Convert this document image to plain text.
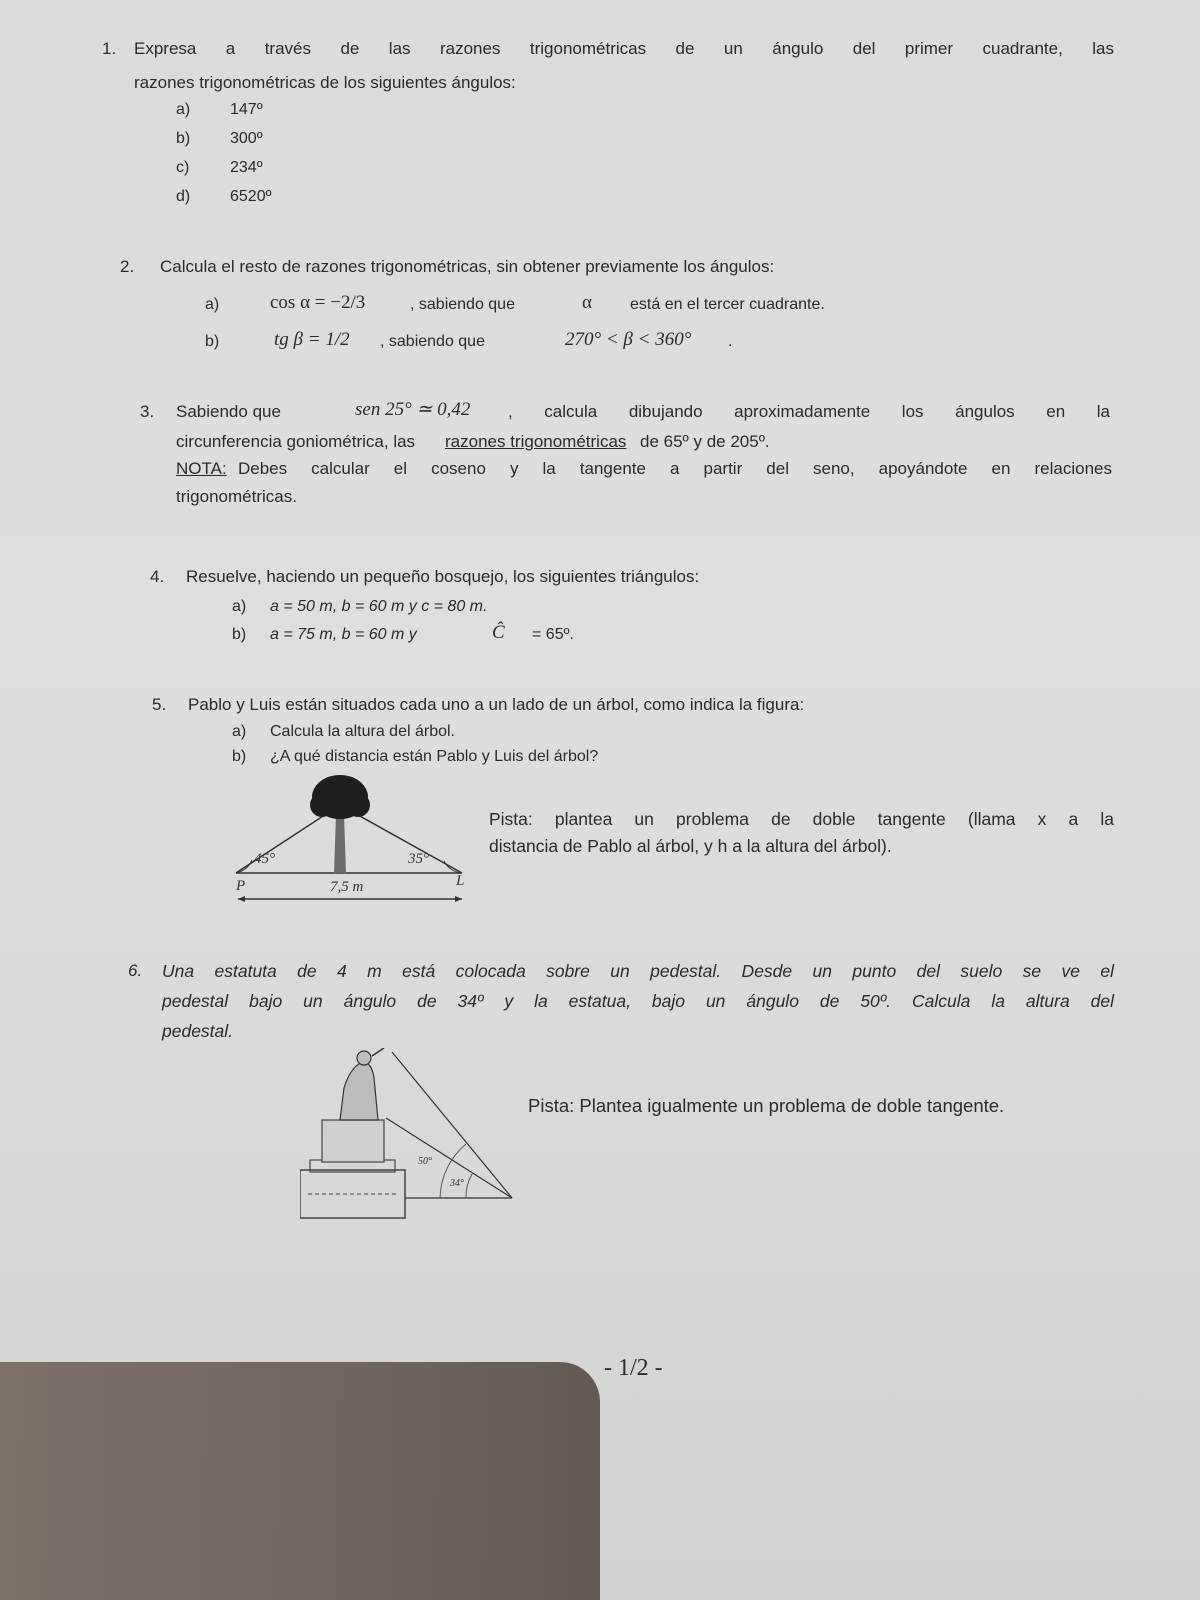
1. Expresa a través de las razones trigonométricas de un ángulo del primer cuadrante, las
razones trigonométricas de los siguientes ángulos:
a) 147º
b) 300º
c)	234º
d) 6520º
2. Calcula el resto de razones trigonométricas, sin obtener previamente los ángulos:
a)	cos α = −2/3	, sabiendo que	α está en el tercer cuadrante.
b)	tg β = 1/2 , sabiendo que	270° < β < 360° .
3. Sabiendo que	sen 25° ≃ 0,42 , calcula dibujando aproximadamente los ángulos en la
circunferencia goniométrica, las razones trigonométricas de 65º y de 205º.
NOTA: Debes calcular el coseno y la tangente a partir del seno, apoyándote en relaciones
trigonométricas.
4. Resuelve, haciendo un pequeño bosquejo, los siguientes triángulos:
a) a = 50 m, b = 60 m y c = 80 m.
b) a = 75 m, b = 60 m y	Ĉ = 65º.
5. Pablo y Luis están situados cada uno a un lado de un árbol, como indica la figura:
a) Calcula la altura del árbol.
b) ¿A qué distancia están Pablo y Luis del árbol?
45°	35°
P	L
7,5 m
Pista: plantea un problema de doble tangente (llama x a la
distancia de Pablo al árbol, y h a la altura del árbol).
6. Una estatuta de 4 m está colocada sobre un pedestal. Desde un punto del suelo se ve el
pedestal bajo un ángulo de 34º y la estatua, bajo un ángulo de 50º. Calcula la altura del
pedestal.
50°
34°
Pista: Plantea igualmente un problema de doble tangente.
- 1/2 -
